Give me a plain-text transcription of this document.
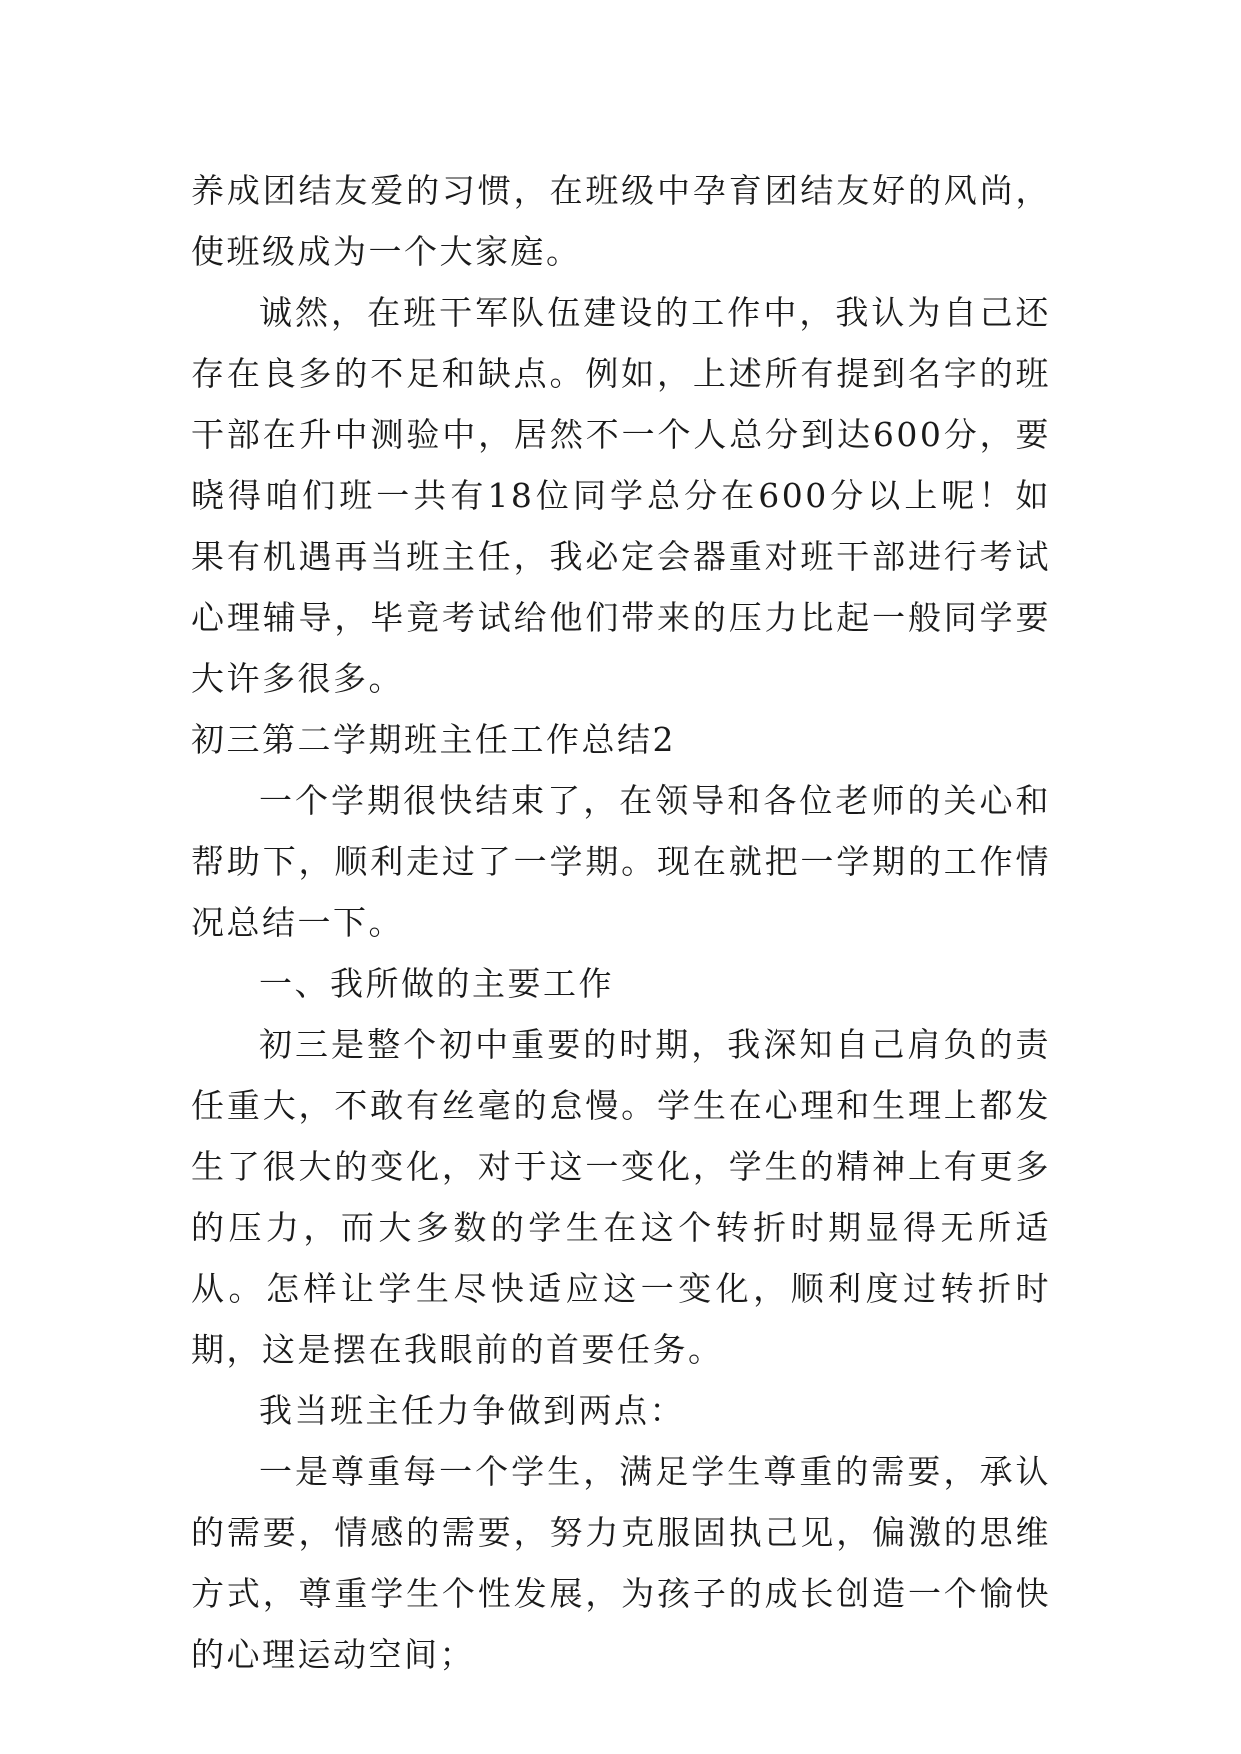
养成团结友爱的习惯，在班级中孕育团结友好的风尚，使班级成为一个大家庭。

诚然，在班干军队伍建设的工作中，我认为自己还存在良多的不足和缺点。例如，上述所有提到名字的班干部在升中测验中，居然不一个人总分到达600分，要晓得咱们班一共有18位同学总分在600分以上呢！如果有机遇再当班主任，我必定会器重对班干部进行考试心理辅导，毕竟考试给他们带来的压力比起一般同学要大许多很多。

初三第二学期班主任工作总结2

一个学期很快结束了，在领导和各位老师的关心和帮助下，顺利走过了一学期。现在就把一学期的工作情况总结一下。

一、我所做的主要工作

初三是整个初中重要的时期，我深知自己肩负的责任重大，不敢有丝毫的怠慢。学生在心理和生理上都发生了很大的变化，对于这一变化，学生的精神上有更多的压力，而大多数的学生在这个转折时期显得无所适从。怎样让学生尽快适应这一变化，顺利度过转折时期，这是摆在我眼前的首要任务。

我当班主任力争做到两点：

一是尊重每一个学生，满足学生尊重的需要，承认的需要，情感的需要，努力克服固执己见，偏激的思维方式，尊重学生个性发展，为孩子的成长创造一个愉快的心理运动空间；
